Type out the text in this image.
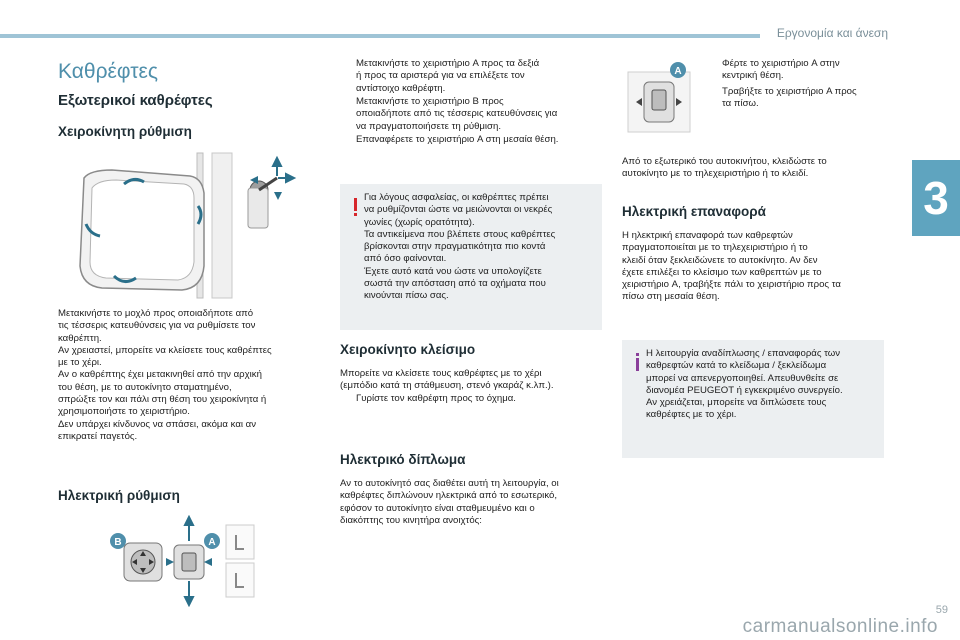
Εργονομία και άνεση
3
59
carmanualsonline.info
Καθρέφτες
Εξωτερικοί καθρέφτες
Χειροκίνητη ρύθμιση

Μετακινήστε το μοχλό προς οποιαδήποτε από
τις τέσσερις κατευθύνσεις για να ρυθμίσετε τον
καθρέπτη.
Αν χρειαστεί, μπορείτε να κλείσετε τους καθρέπτες
με το χέρι.
Αν ο καθρέπτης έχει μετακινηθεί από την αρχική
του θέση, με το αυτοκίνητο σταματημένο,
σπρώξτε τον και πάλι στη θέση του χειροκίνητα ή
χρησιμοποιήστε το χειριστήριο.
Δεν υπάρχει κίνδυνος να σπάσει, ακόμα και αν
επικρατεί παγετός.

Ηλεκτρική ρύθμιση
B	A
Μετακινήστε το χειριστήριο A προς τα δεξιά
ή προς τα αριστερά για να επιλέξετε τον
αντίστοιχο καθρέφτη.
Μετακινήστε το χειριστήριο B προς
οποιαδήποτε από τις τέσσερις κατευθύνσεις για
να πραγματοποιήσετε τη ρύθμιση.
Επαναφέρετε το χειριστήριο A στη μεσαία θέση.
Για λόγους ασφαλείας, οι καθρέπτες πρέπει
να ρυθμίζονται ώστε να μειώνονται οι νεκρές
γωνίες (χωρίς ορατότητα).
Τα αντικείμενα που βλέπετε στους καθρέπτες
βρίσκονται στην πραγματικότητα πιο κοντά
από όσο φαίνονται.
Έχετε αυτό κατά νου ώστε να υπολογίζετε
σωστά την απόσταση από τα οχήματα που
κινούνται πίσω σας.
Χειροκίνητο κλείσιμο

Μπορείτε να κλείσετε τους καθρέφτες με το χέρι
(εμπόδιο κατά τη στάθμευση, στενό γκαράζ κ.λπ.).

Γυρίστε τον καθρέφτη προς το όχημα.
Ηλεκτρικό δίπλωμα

Αν το αυτοκίνητό σας διαθέτει αυτή τη λειτουργία, οι
καθρέφτες διπλώνουν ηλεκτρικά από το εσωτερικό,
εφόσον το αυτοκίνητο είναι σταθμευμένο και ο
διακόπτης του κινητήρα ανοιχτός:

A
Φέρτε το χειριστήριο A στην
κεντρική θέση.
Τραβήξτε το χειριστήριο A προς
τα πίσω.

Από το εξωτερικό του αυτοκινήτου, κλειδώστε το
αυτοκίνητο με το τηλεχειριστήριο ή το κλειδί.

Ηλεκτρική επαναφορά

Η ηλεκτρική επαναφορά των καθρεφτών
πραγματοποιείται με το τηλεχειριστήριο ή το
κλειδί όταν ξεκλειδώνετε το αυτοκίνητο. Αν δεν
έχετε επιλέξει το κλείσιμο των καθρεπτών με το
χειριστήριο A, τραβήξτε πάλι το χειριστήριο προς τα
πίσω στη μεσαία θέση.

Η λειτουργία αναδίπλωσης / επαναφοράς των
καθρεφτών κατά το κλείδωμα / ξεκλείδωμα
μπορεί να απενεργοποιηθεί. Απευθυνθείτε σε
διανομέα PEUGEOT ή εγκεκριμένο συνεργείο.
Αν χρειάζεται, μπορείτε να διπλώσετε τους
καθρέφτες με το χέρι.
